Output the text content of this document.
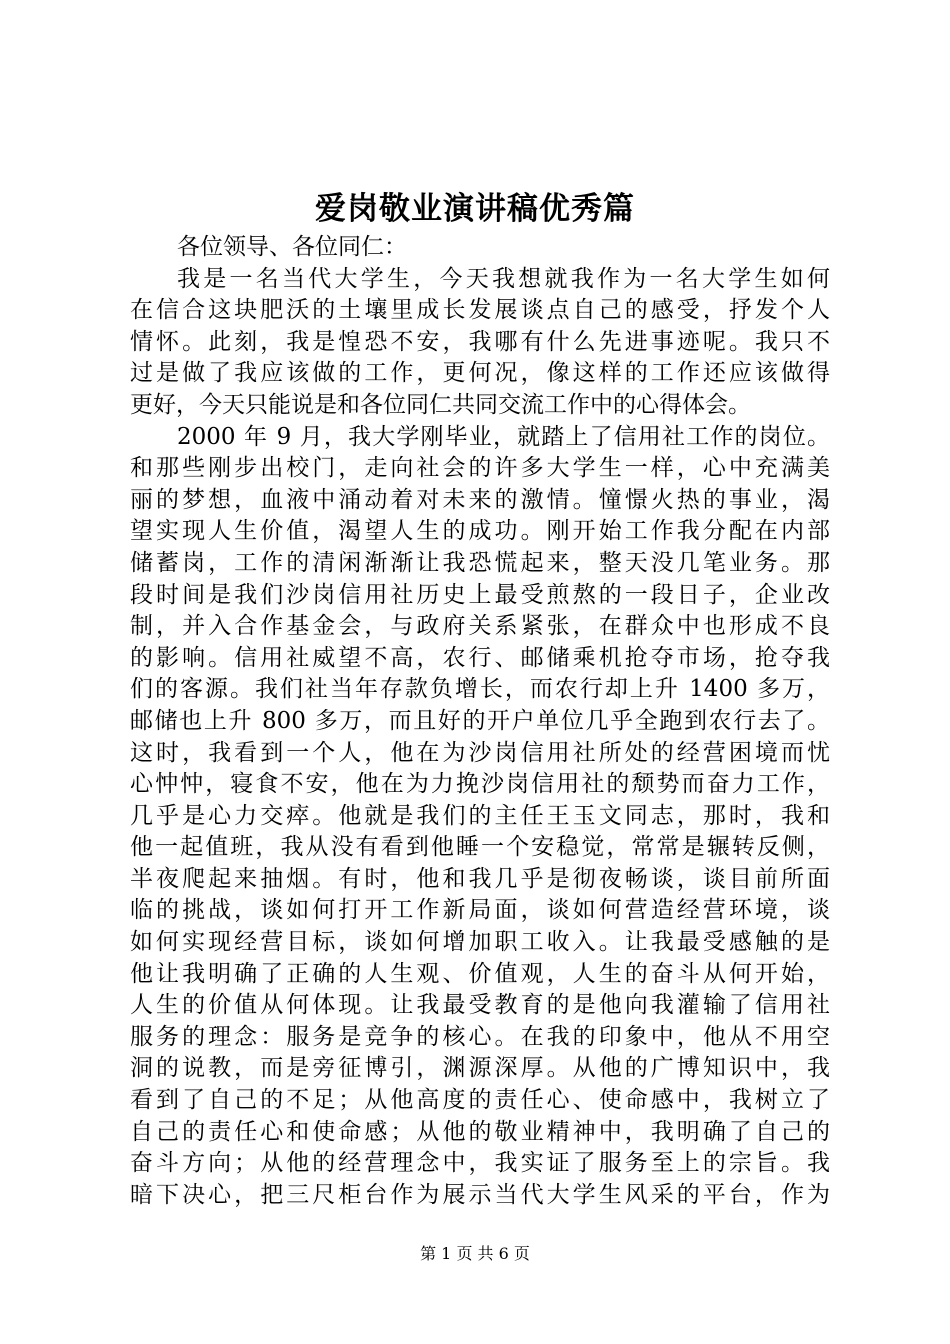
爱岗敬业演讲稿优秀篇
各位领导、各位同仁：
我是一名当代大学生，今天我想就我作为一名大学生如何
在信合这块肥沃的土壤里成长发展谈点自己的感受，抒发个人
情怀。此刻，我是惶恐不安，我哪有什么先进事迹呢。我只不
过是做了我应该做的工作，更何况，像这样的工作还应该做得
更好，今天只能说是和各位同仁共同交流工作中的心得体会。
2000 年 9 月，我大学刚毕业，就踏上了信用社工作的岗位。
和那些刚步出校门，走向社会的许多大学生一样，心中充满美
丽的梦想，血液中涌动着对未来的激情。憧憬火热的事业，渴
望实现人生价值，渴望人生的成功。刚开始工作我分配在内部
储蓄岗，工作的清闲渐渐让我恐慌起来，整天没几笔业务。那
段时间是我们沙岗信用社历史上最受煎熬的一段日子，企业改
制，并入合作基金会，与政府关系紧张，在群众中也形成不良
的影响。信用社威望不高，农行、邮储乘机抢夺市场，抢夺我
们的客源。我们社当年存款负增长，而农行却上升 1400 多万，
邮储也上升 800 多万，而且好的开户单位几乎全跑到农行去了。
这时，我看到一个人，他在为沙岗信用社所处的经营困境而忧
心忡忡，寝食不安，他在为力挽沙岗信用社的颓势而奋力工作，
几乎是心力交瘁。他就是我们的主任王玉文同志，那时，我和
他一起值班，我从没有看到他睡一个安稳觉，常常是辗转反侧，
半夜爬起来抽烟。有时，他和我几乎是彻夜畅谈，谈目前所面
临的挑战，谈如何打开工作新局面，谈如何营造经营环境，谈
如何实现经营目标，谈如何增加职工收入。让我最受感触的是
他让我明确了正确的人生观、价值观，人生的奋斗从何开始，
人生的价值从何体现。让我最受教育的是他向我灌输了信用社
服务的理念：服务是竞争的核心。在我的印象中，他从不用空
洞的说教，而是旁征博引，渊源深厚。从他的广博知识中，我
看到了自己的不足；从他高度的责任心、使命感中，我树立了
自己的责任心和使命感；从他的敬业精神中，我明确了自己的
奋斗方向；从他的经营理念中，我实证了服务至上的宗旨。我
暗下决心，把三尺柜台作为展示当代大学生风采的平台，作为
第 1 页 共 6 页
